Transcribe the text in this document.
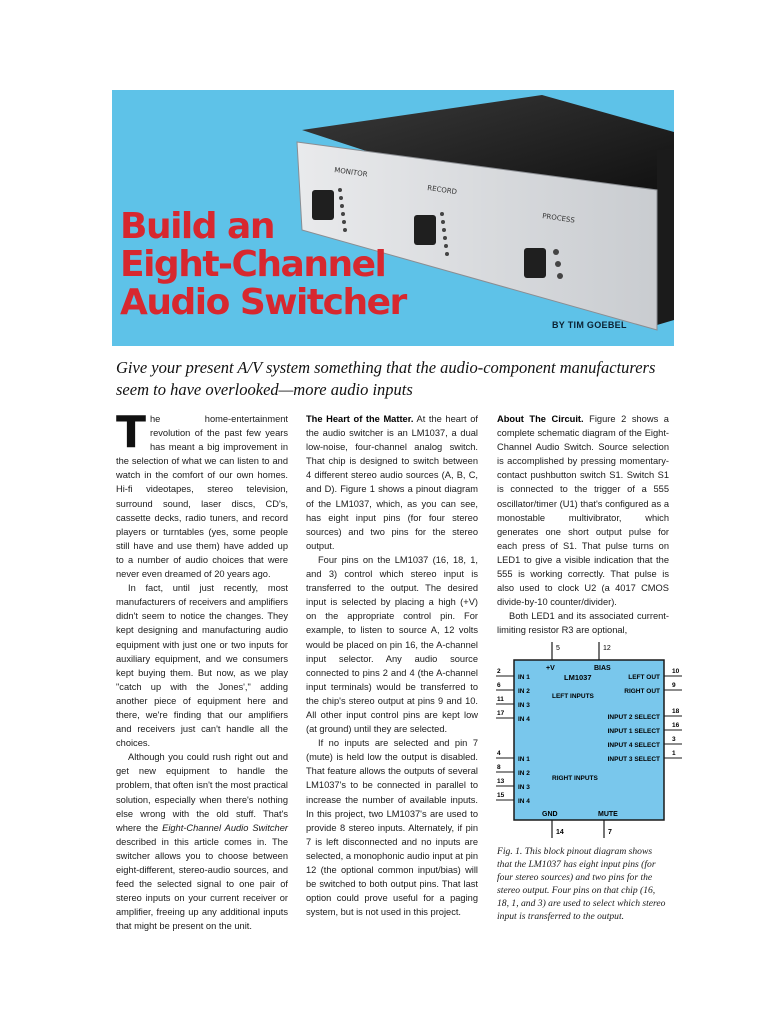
MONITOR
RECORD
PROCESS
Build an
Eight-Channel
Audio Switcher
BY TIM GOEBEL
Give your present A/V system something that the audio-component manufacturers seem to have overlooked—more audio inputs
T he home-entertainment revolution of the past few years has meant a big improvement in the selection of what we can listen to and watch in the comfort of our own homes. Hi-fi videotapes, stereo television, surround sound, laser discs, CD's, cassette decks, radio tuners, and record players or turntables (yes, some people still have and use them) have added up to a number of audio choices that were never even dreamed of 20 years ago.

In fact, until just recently, most manufacturers of receivers and amplifiers didn't seem to notice the changes. They kept designing and manufacturing audio equipment with just one or two inputs for auxiliary equipment, and we consumers kept buying them. But now, as we play "catch up with the Jones'," adding another piece of equipment here and there, we're finding that our amplifiers and receivers just can't handle all the choices.

Although you could rush right out and get new equipment to handle the problem, that often isn't the most practical solution, especially when there's nothing else wrong with the old stuff. That's where the Eight-Channel Audio Switcher described in this article comes in. The switcher allows you to choose between eight-different, stereo-audio sources, and feed the selected signal to one pair of stereo inputs on your current receiver or amplifier, freeing up any additional inputs that might be present on the unit.

The Heart of the Matter. At the heart of the audio switcher is an LM1037, a dual low-noise, four-channel analog switch. That chip is designed to switch between 4 different stereo audio sources (A, B, C, and D). Figure 1 shows a pinout diagram of the LM1037, which, as you can see, has eight input pins (for four stereo sources) and two pins for the stereo output.

Four pins on the LM1037 (16, 18, 1, and 3) control which stereo input is transferred to the output. The desired input is selected by placing a high (+V) on the appropriate control pin. For example, to listen to source A, 12 volts would be placed on pin 16, the A-channel input selector. Any audio source connected to pins 2 and 4 (the A-channel input terminals) would be transferred to the chip's stereo output at pins 9 and 10. All other input control pins are kept low (at ground) until they are selected.

If no inputs are selected and pin 7 (mute) is held low the output is disabled. That feature allows the outputs of several LM1037's to be connected in parallel to increase the number of available inputs. In this project, two LM1037's are used to provide 8 stereo inputs. Alternately, if pin 7 is left disconnected and no inputs are selected, a monophonic audio input at pin 12 (the optional common input/bias) will be switched to both output pins. That last option could prove useful for a paging system, but is not used in this project.

About The Circuit. Figure 2 shows a complete schematic diagram of the Eight-Channel Audio Switch. Source selection is accomplished by pressing momentary-contact pushbutton switch S1. Switch S1 is connected to the trigger of a 555 oscillator/timer (U1) that's configured as a monostable multivibrator, which generates one short output pulse for each press of S1. That pulse turns on LED1 to give a visible indication that the 555 is working correctly. That pulse is also used to clock U2 (a 4017 CMOS divide-by-10 counter/divider).

Both LED1 and its associated current-limiting resistor R3 are optional,

5	12
+V	BIAS
LM1037
2
IN 1
6
IN 2
11
IN 3
17
IN 4
LEFT INPUTS
4
IN 1
8
IN 2
13
IN 3
15
IN 4
RIGHT INPUTS
10
LEFT OUT
9
RIGHT OUT
18
INPUT 2 SELECT
16
INPUT 1 SELECT
3
INPUT 4 SELECT
1
INPUT 3 SELECT
GND	MUTE
14	7
Fig. 1. This block pinout diagram shows that the LM1037 has eight input pins (for four stereo sources) and two pins for the stereo output. Four pins on that chip (16, 18, 1, and 3) are used to select which stereo input is transferred to the output.
